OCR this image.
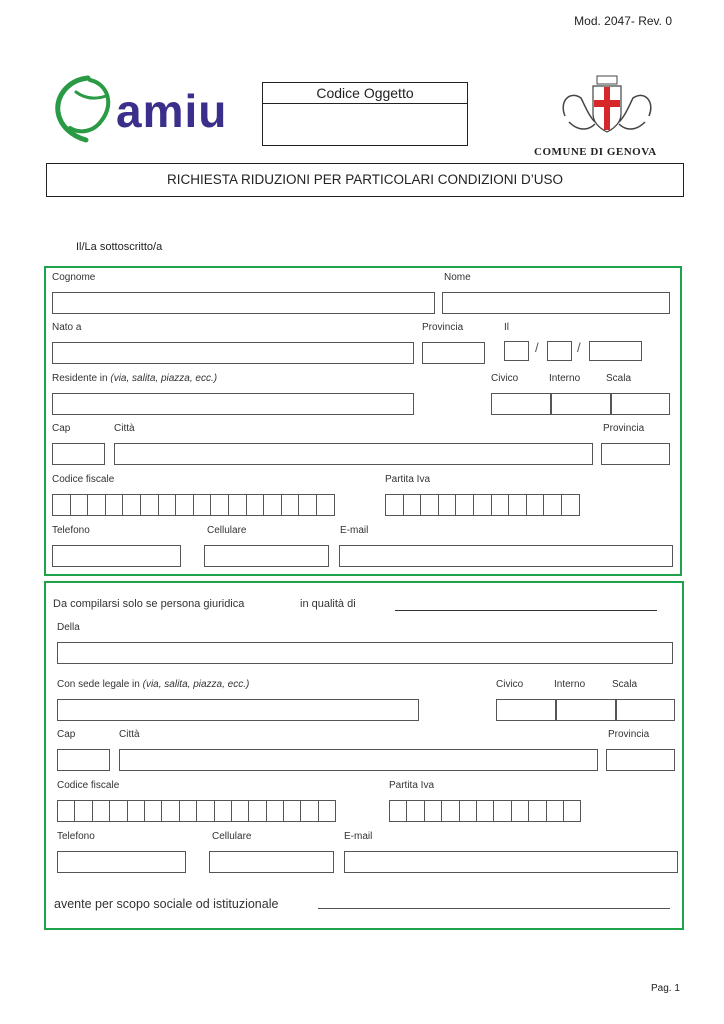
Mod. 2047- Rev. 0
amiu	Codice Oggetto
COMUNE DI GENOVA
RICHIESTA RIDUZIONI PER PARTICOLARI CONDIZIONI D’USO
Il/La sottoscritto/a
Cognome	Nome
Nato a	Provincia	Il
/	/
Residente in (via, salita, piazza, ecc.)	Civico	Interno	Scala
Cap	Città	Provincia
Codice fiscale	Partita Iva
Telefono	Cellulare	E-mail
Da compilarsi solo se persona giuridica	in qualità di
Della
Con sede legale in (via, salita, piazza, ecc.)	Civico	Interno	Scala
Cap	Città	Provincia
Codice fiscale	Partita Iva
Telefono	Cellulare	E-mail
avente per scopo sociale od istituzionale
Pag. 1
